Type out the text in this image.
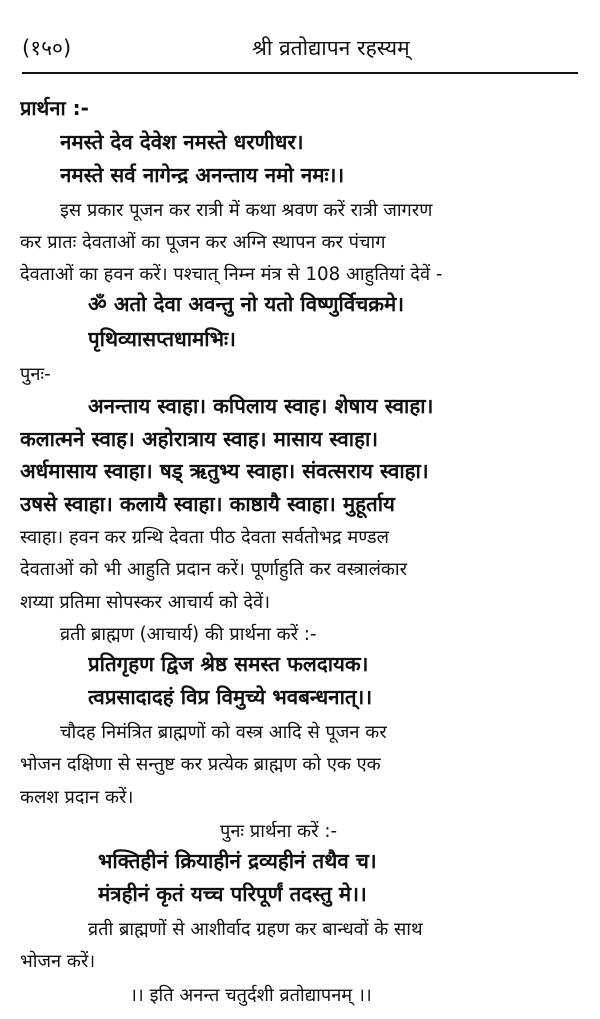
(१५०)	श्री व्रतोद्यापन रहस्यम्
प्रार्थना :-
नमस्ते देव देवेश नमस्ते धरणीधर।
नमस्ते सर्व नागेन्द्र अनन्ताय नमो नमः।।
इस प्रकार पूजन कर रात्री में कथा श्रवण करें रात्री जागरण
कर प्रातः देवताओं का पूजन कर अग्नि स्थापन कर पंचाग
देवताओं का हवन करें। पश्चात् निम्न मंत्र से 108 आहुतियां देवें -
ॐ अतो देवा अवन्तु नो यतो विष्णुर्विचक्रमे।
पृथिव्यासप्तधामभिः।
पुनः-
अनन्ताय स्वाहा। कपिलाय स्वाह। शेषाय स्वाहा।
कलात्मने स्वाह। अहोरात्राय स्वाह। मासाय स्वाहा।
अर्धमासाय स्वाहा। षड् ऋतुभ्य स्वाहा। संवत्सराय स्वाहा।
उषसे स्वाहा। कलायै स्वाहा। काष्ठायै स्वाहा। मुहूर्ताय
स्वाहा। हवन कर ग्रन्थि देवता पीठ देवता सर्वतोभद्र मण्डल
देवताओं को भी आहुति प्रदान करें। पूर्णाहुति कर वस्त्रालंकार
शय्या प्रतिमा सोपस्कर आचार्य को देवें।
व्रती ब्राह्मण (आचार्य) की प्रार्थना करें :-
प्रतिगृहण द्विज श्रेष्ठ समस्त फलदायक।
त्वप्रसादादहं विप्र विमुच्ये भवबन्धनात्।।
चौदह निमंत्रित ब्राह्मणों को वस्त्र आदि से पूजन कर
भोजन दक्षिणा से सन्तुष्ट कर प्रत्येक ब्राह्मण को एक एक
कलश प्रदान करें।
पुनः प्रार्थना करें :-
भक्तिहीनं क्रियाहीनं द्रव्यहीनं तथैव च।
मंत्रहीनं कृतं यच्च परिपूर्णं तदस्तु मे।।
व्रती ब्राह्मणों से आशीर्वाद ग्रहण कर बान्धवों के साथ
भोजन करें।
।। इति अनन्त चतुर्दशी व्रतोद्यापनम् ।।
